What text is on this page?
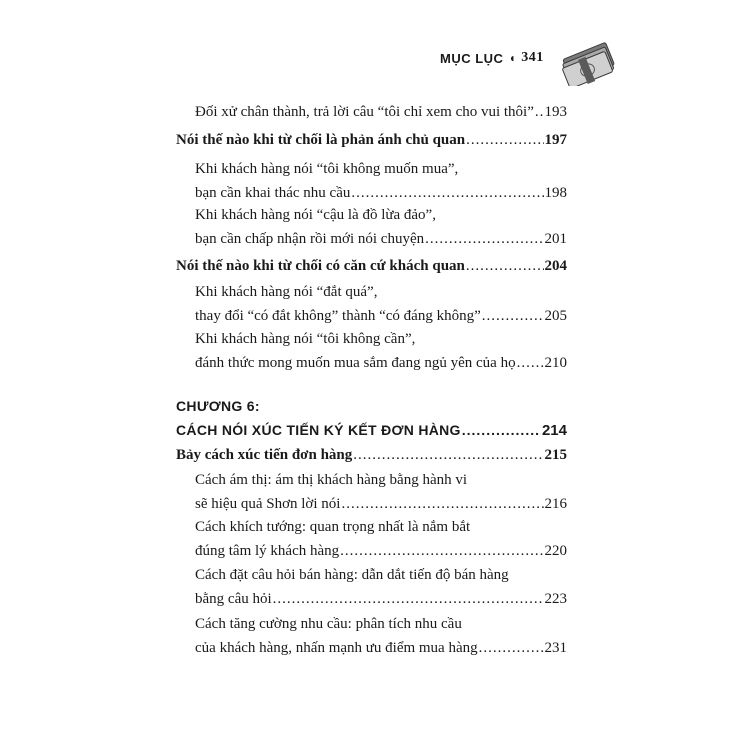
MỤC LỤC ◖ 341
Đối xử chân thành, trả lời câu “tôi chỉ xem cho vui thôi” ..... 193
Nói thế nào khi từ chối là phản ánh chủ quan .....	197
Khi khách hàng nói “tôi không muốn mua”,
bạn cần khai thác nhu cầu .....	198
Khi khách hàng nói “cậu là đồ lừa đảo”,
bạn cần chấp nhận rồi mới nói chuyện .....	201
Nói thế nào khi từ chối có căn cứ khách quan .....	204
Khi khách hàng nói “đắt quá”,
thay đổi “có đắt không” thành “có đáng không” .....	205
Khi khách hàng nói “tôi không cần”,
đánh thức mong muốn mua sắm đang ngủ yên của họ ..... 210
CHƯƠNG 6:
CÁCH NÓI XÚC TIẾN KÝ KẾT ĐƠN HÀNG .....	214
Bảy cách xúc tiến đơn hàng .....	215
Cách ám thị: ám thị khách hàng bằng hành vi
sẽ hiệu quả Shơn lời nói .....	216
Cách khích tướng: quan trọng nhất là nắm bắt
đúng tâm lý khách hàng .....	220
Cách đặt câu hỏi bán hàng: dẫn dắt tiến độ bán hàng
bằng câu hỏi .....	223
Cách tăng cường nhu cầu: phân tích nhu cầu
của khách hàng, nhấn mạnh ưu điểm mua hàng .....	231
